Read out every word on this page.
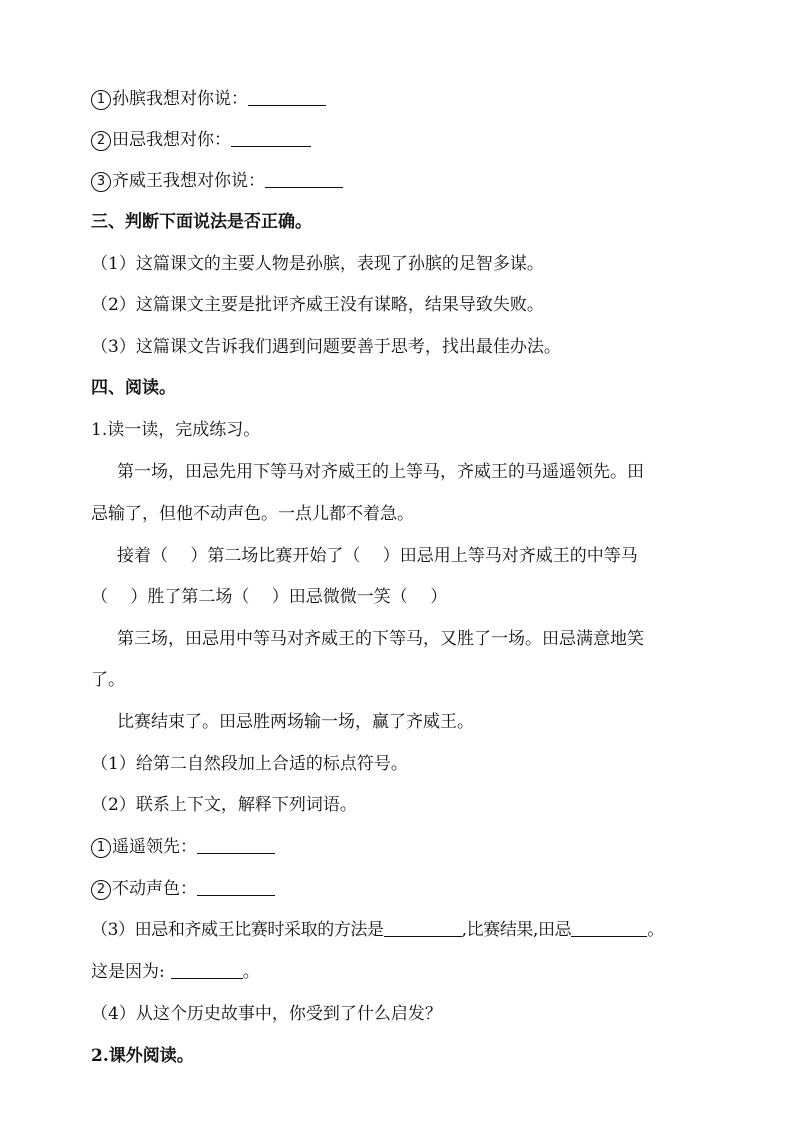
1 孙膑我想对你说：
2 田忌我想对你：
3 齐威王我想对你说：
三、判断下面说法是否正确。
（1）这篇课文的主要人物是孙膑，表现了孙膑的足智多谋。
（2）这篇课文主要是批评齐威王没有谋略，结果导致失败。
（3）这篇课文告诉我们遇到问题要善于思考，找出最佳办法。
四、阅读。
1.读一读，完成练习。
第一场，田忌先用下等马对齐威王的上等马，齐威王的马遥遥领先。田
忌输了，但他不动声色。一点儿都不着急。
接着（　 ）第二场比赛开始了（　 ）田忌用上等马对齐威王的中等马
（　 ）胜了第二场（　 ）田忌微微一笑（　 ）
第三场，田忌用中等马对齐威王的下等马，又胜了一场。田忌满意地笑
了。
比赛结束了。田忌胜两场输一场，赢了齐威王。
（1）给第二自然段加上合适的标点符号。
（2）联系上下文，解释下列词语。
1 遥遥领先：
2 不动声色：
（3）田忌和齐威王比赛时采取的方法是	,比赛结果,田忌	。
这是因为:	。
（4）从这个历史故事中，你受到了什么启发？
2.课外阅读。
